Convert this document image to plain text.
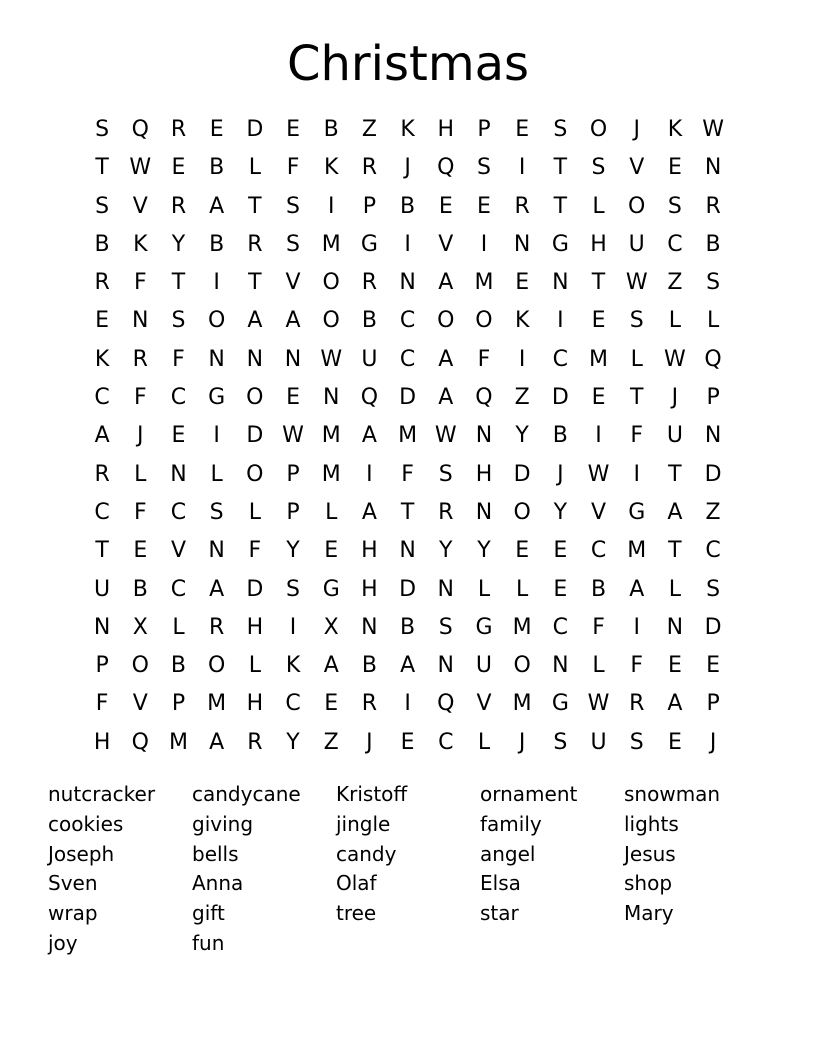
Christmas
S	Q R	E	D	E	B	Z	K	H	P	E	S	O	J	K W
T W E	B	L	F	K	R	J	Q	S	I	T	S	V	E	N
S	V	R	A	T	S	I	P	B	E	E	R	T	L	O	S	R
B	K	Y	B	R	S M G	I	V	I	N G H U	C	B
R	F	T	I	T	V O R	N	A M E	N	T W Z	S
E	N	S	O	A	A O B	C O O	K	I	E	S	L	L
K	R	F	N N N W U	C	A	F	I	C M	L W Q
C	F	C G O	E	N Q D	A Q Z	D	E	T	J	P
A	J	E	I	D W M A M W N	Y	B	I	F	U N
R	L	N	L	O	P	M	I	F	S	H D	J	W	I	T	D
C	F	C	S	L	P	L	A	T	R	N O	Y	V	G	A	Z
T	E	V	N	F	Y	E	H N	Y	Y	E	E	C M T	C
U	B	C	A	D	S	G H D N	L	L	E	B	A	L	S
N	X	L	R	H	I	X	N	B	S	G M C	F	I	N D
P	O B O	L	K	A	B	A	N U O N	L	F	E	E
F	V	P	M H	C	E	R	I	Q	V M G W R	A	P
H Q M A	R	Y	Z	J	E	C	L	J	S	U	S	E	J
nutcracker	candycane	Kristoff	ornament	snowman
cookies	giving	jingle	family	lights
Joseph	bells	candy	angel	Jesus
Sven	Anna	Olaf	Elsa	shop
wrap	gift	tree	star	Mary
joy	fun
